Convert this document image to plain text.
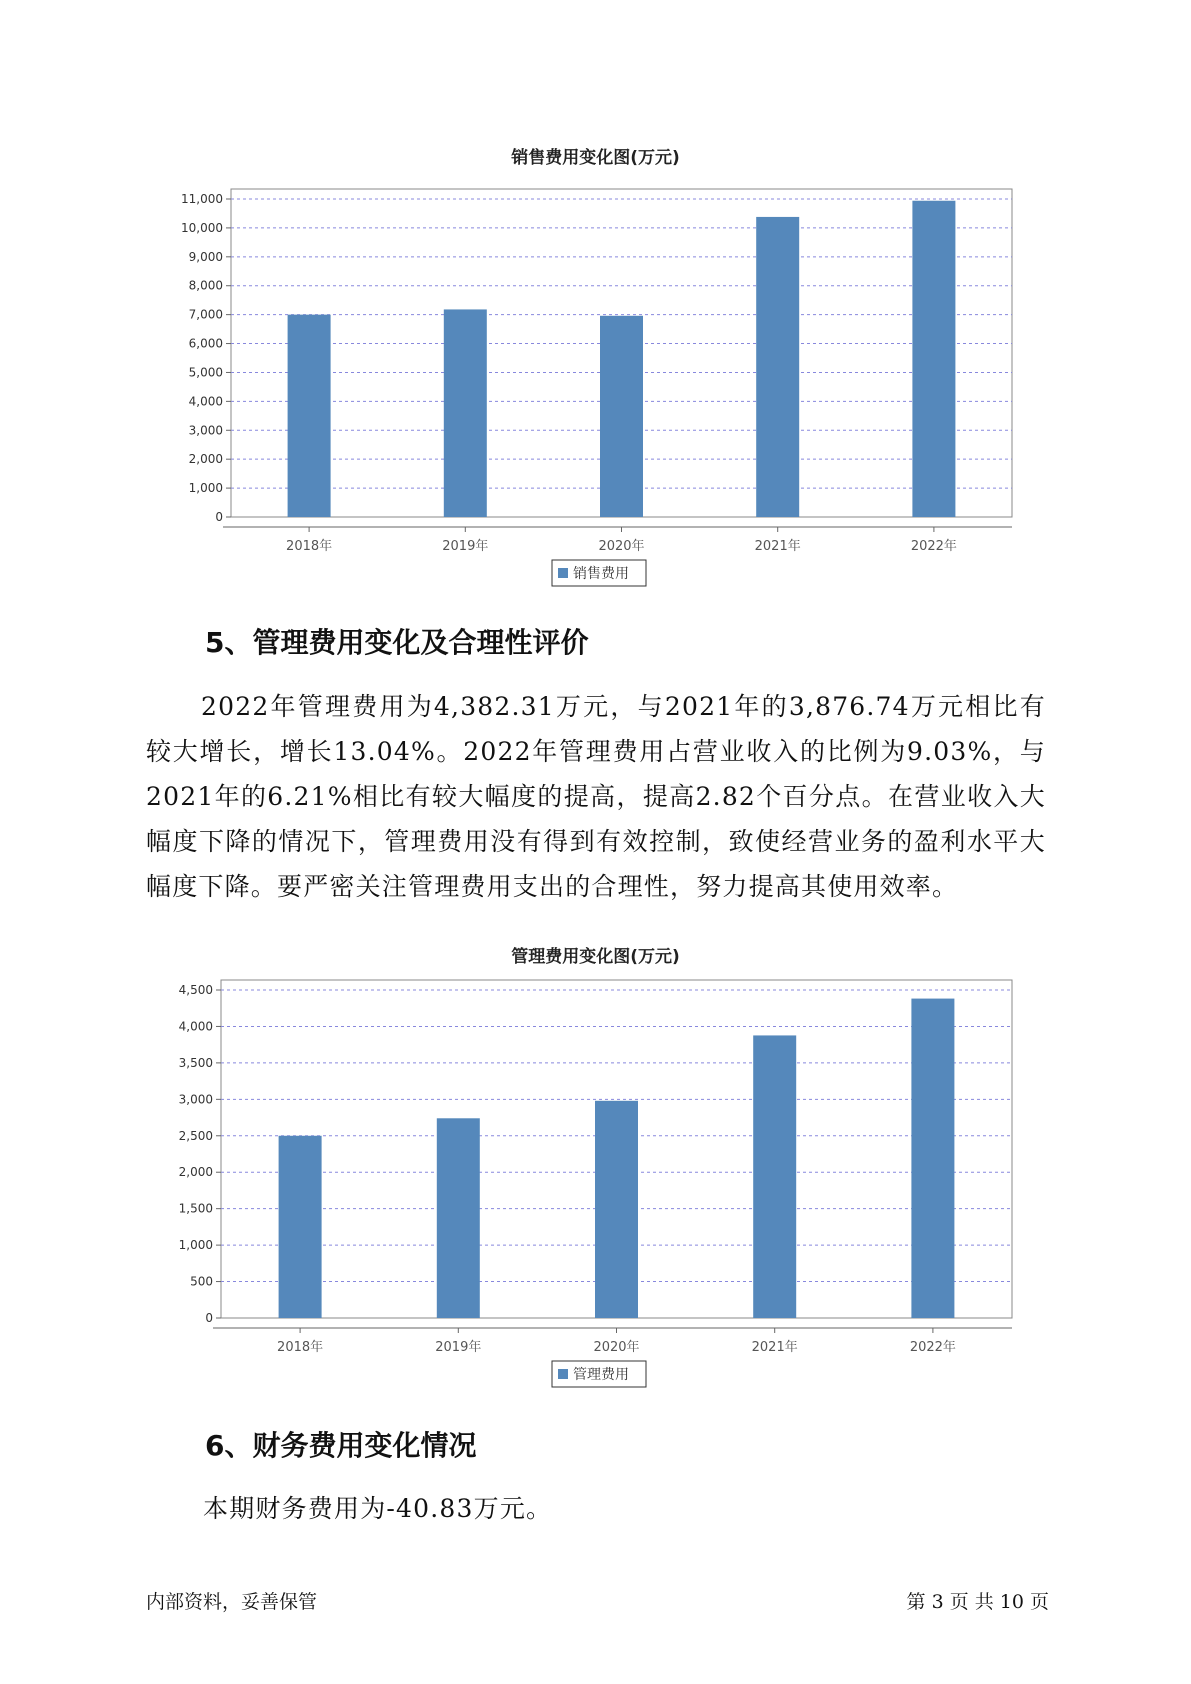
销售费用变化图(万元)
0
1,000
2,000
3,000
4,000
5,000
6,000
7,000
8,000
9,000
10,000
11,000
2018年	2019年	2020年	2021年	2022年
销售费用
5、管理费用变化及合理性评价

2022年管理费用为4,382.31万元，与2021年的3,876.74万元相比有较大增长，增长13.04%。2022年管理费用占营业收入的比例为9.03%，与2021年的6.21%相比有较大幅度的提高，提高2.82个百分点。在营业收入大幅度下降的情况下，管理费用没有得到有效控制，致使经营业务的盈利水平大幅度下降。要严密关注管理费用支出的合理性，努力提高其使用效率。

管理费用变化图(万元)
0
500
1,000
1,500
2,000
2,500
3,000
3,500
4,000
4,500
2018年	2019年	2020年	2021年	2022年
管理费用
6、财务费用变化情况

本期财务费用为-40.83万元。

内部资料，妥善保管	第 3 页 共 10 页
